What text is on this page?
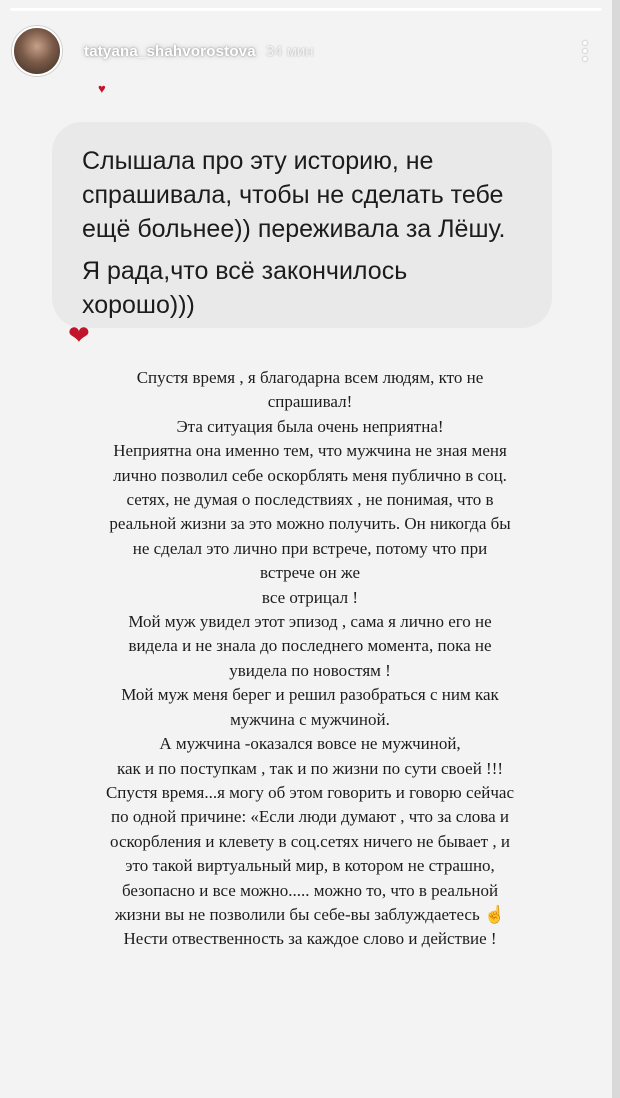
tatyana_shahvorostova 34 мин
♥
Слышала про эту историю, не
спрашивала, чтобы не сделать тебе
ещё больнее)) переживала за Лёшу.
Я рада,что всё закончилось
хорошо)))
❤
Спустя время , я благодарна всем людям, кто не
спрашивал!
Эта ситуация была очень неприятна!
Неприятна она именно тем, что мужчина не зная меня
лично позволил себе оскорблять меня публично в соц.
сетях, не думая о последствиях , не понимая, что в
реальной жизни за это можно получить. Он никогда бы
не сделал это лично при встрече, потому что при
встрече он же
все отрицал !
Мой муж увидел этот эпизод , сама я лично его не
видела и не знала до последнего момента, пока не
увидела по новостям !
Мой муж меня берег и решил разобраться с ним как
мужчина с мужчиной.
А мужчина -оказался вовсе не мужчиной,
как и по поступкам , так и по жизни по сути своей !!!
Спустя время...я могу об этом говорить и говорю сейчас
по одной причине: «Если люди думают , что за слова и
оскорбления и клевету в соц.сетях ничего не бывает , и
это такой виртуальный мир, в котором не страшно,
безопасно и все можно..... можно то, что в реальной
жизни вы не позволили бы себе-вы заблуждаетесь ☝
Нести отвественность за каждое слово и действие !
